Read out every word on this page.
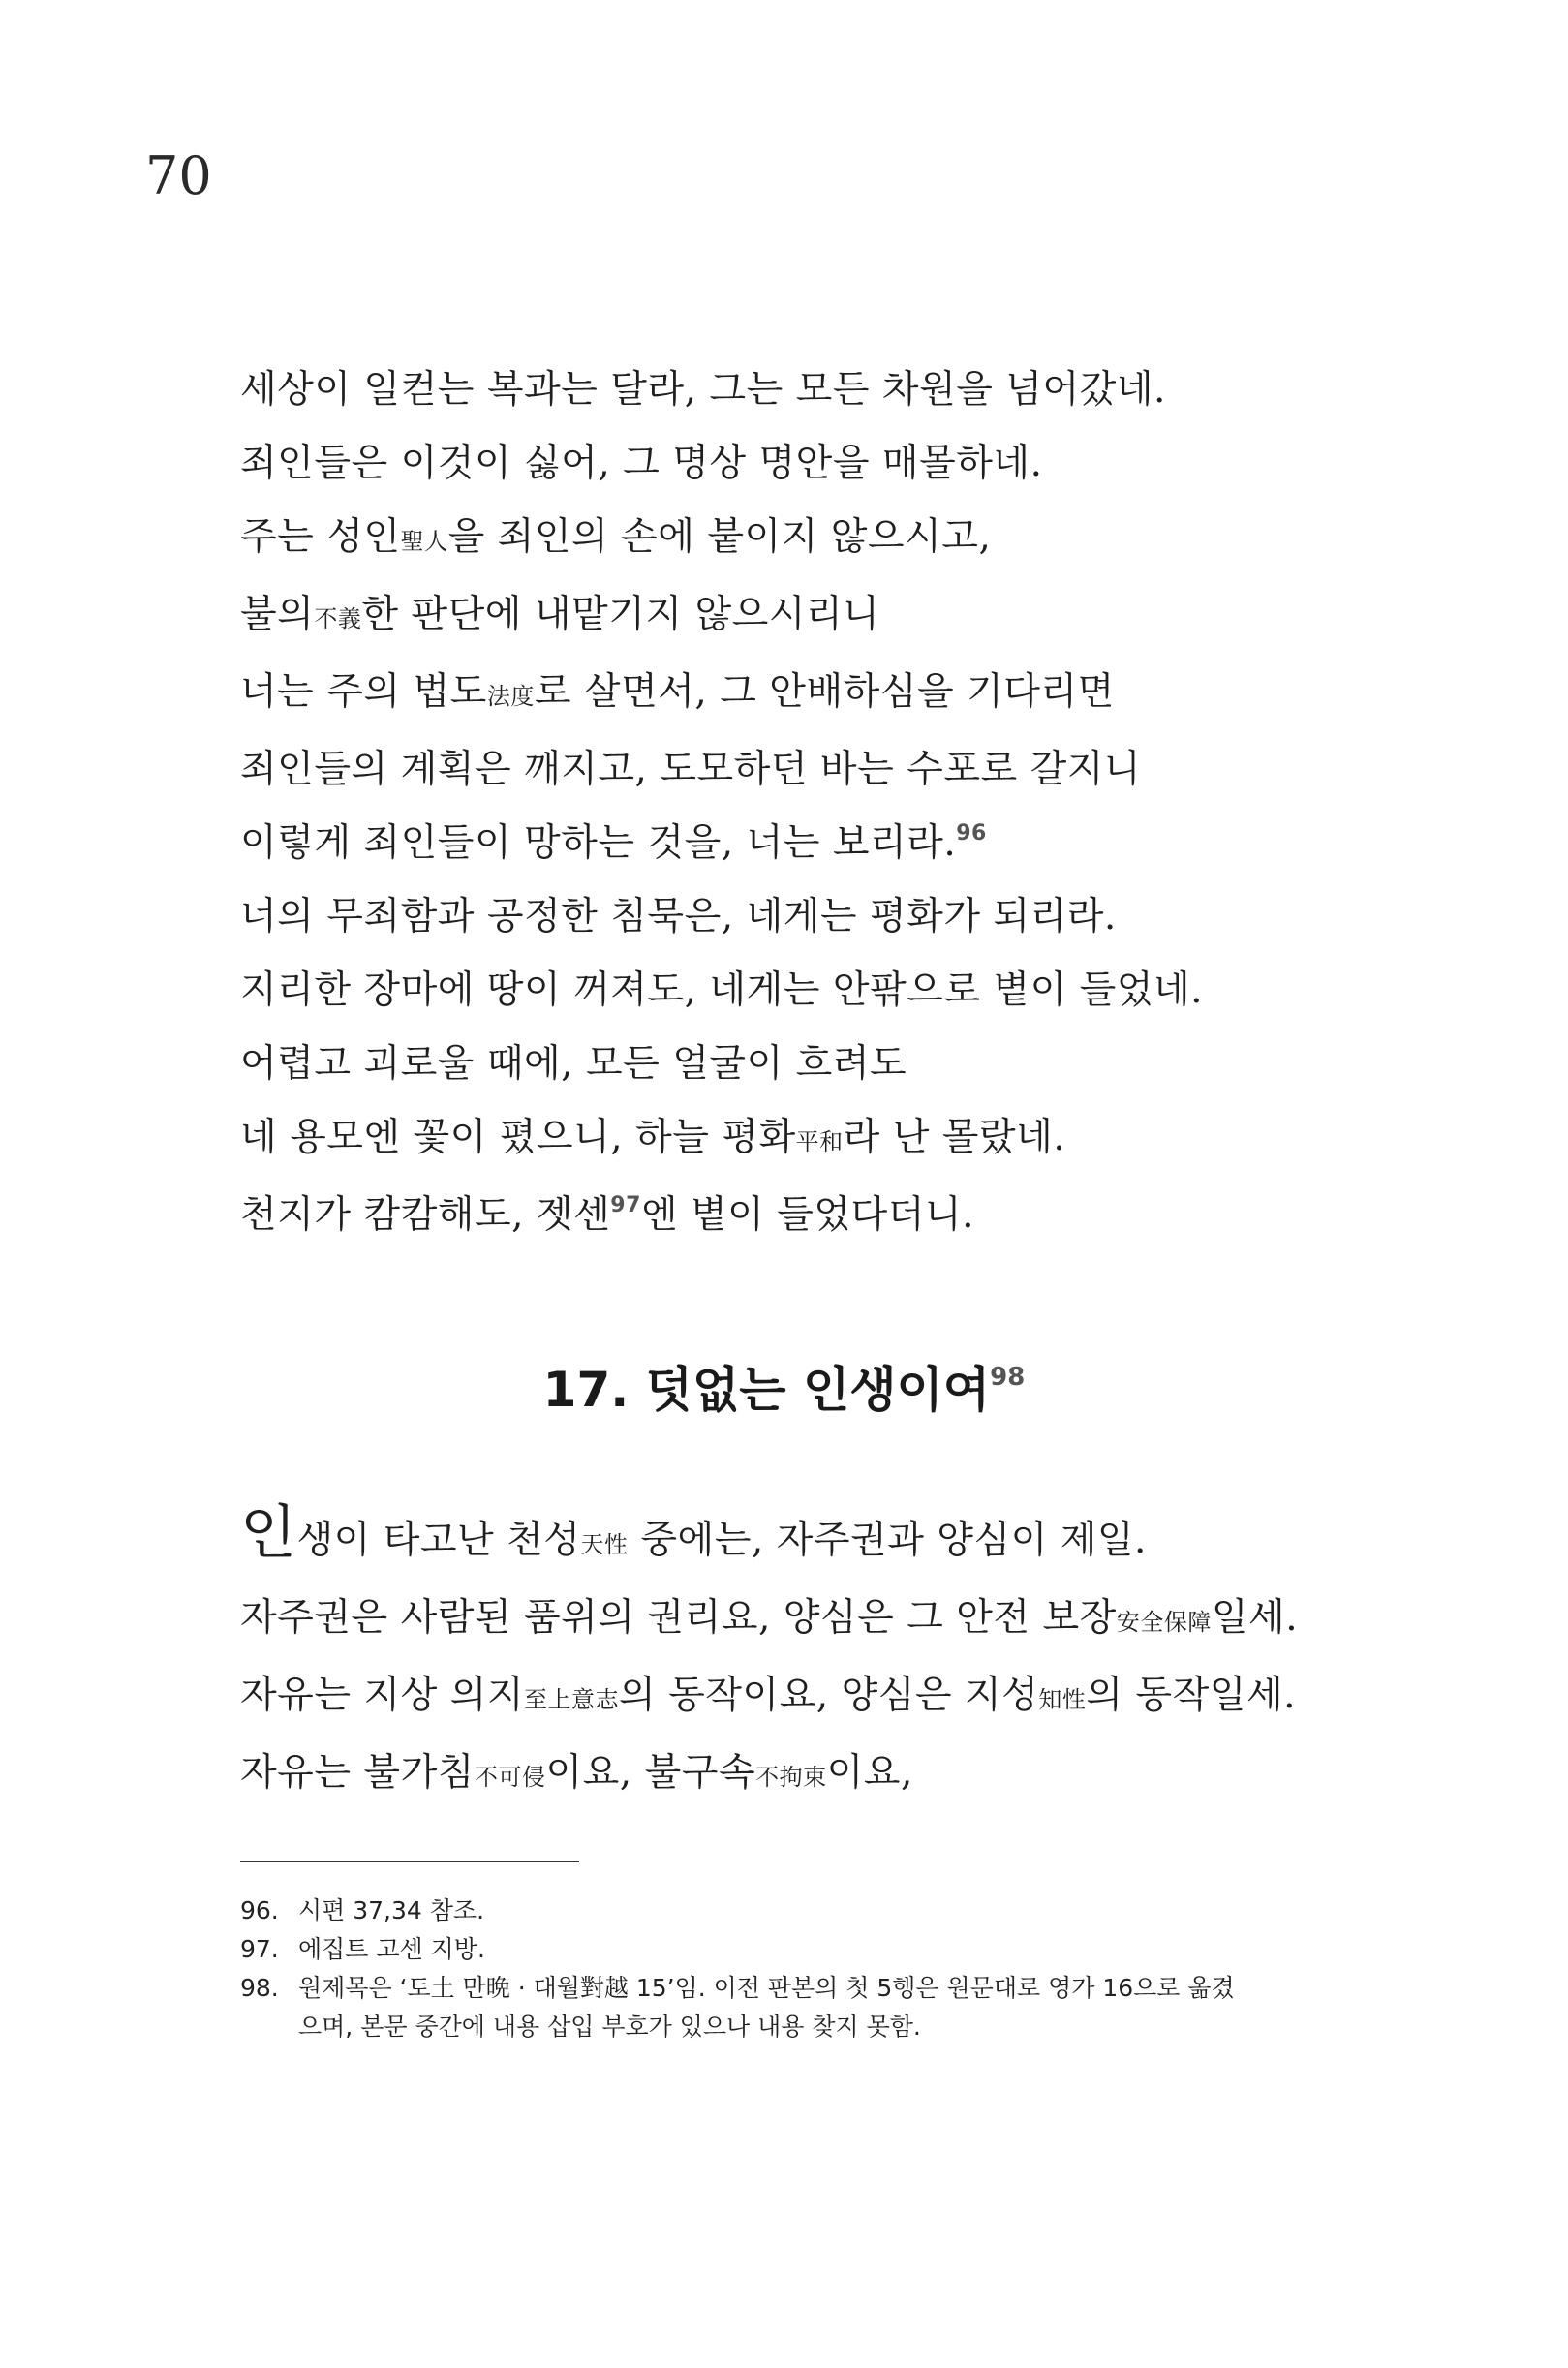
70
세상이 일컫는 복과는 달라, 그는 모든 차원을 넘어갔네.
죄인들은 이것이 싫어, 그 명상 명안을 매몰하네.
주는 성인聖人을 죄인의 손에 붙이지 않으시고,
불의不義한 판단에 내맡기지 않으시리니
너는 주의 법도法度로 살면서, 그 안배하심을 기다리면
죄인들의 계획은 깨지고, 도모하던 바는 수포로 갈지니
이렇게 죄인들이 망하는 것을, 너는 보리라.$^{96}$
너의 무죄함과 공정한 침묵은, 네게는 평화가 되리라.
지리한 장마에 땅이 꺼져도, 네게는 안팎으로 볕이 들었네.
어렵고 괴로울 때에, 모든 얼굴이 흐려도
네 용모엔 꽃이 폈으니, 하늘 평화平和라 난 몰랐네.
천지가 캄캄해도, 젯센$^{97}$엔 볕이 들었다더니.
17. 덧없는 인생이여$^{98}$
인생이 타고난 천성天性 중에는, 자주권과 양심이 제일.
자주권은 사람된 품위의 권리요, 양심은 그 안전 보장安全保障일세.
자유는 지상 의지至上意志의 동작이요, 양심은 지성知性의 동작일세.
자유는 불가침不可侵이요, 불구속不拘束이요,
96. 시편 37,34 참조.
97. 에집트 고센 지방.
98. 원제목은 ‘토土 만晩 · 대월對越 15’임. 이전 판본의 첫 5행은 원문대로 영가 16으로 옮겼
으며, 본문 중간에 내용 삽입 부호가 있으나 내용 찾지 못함.
